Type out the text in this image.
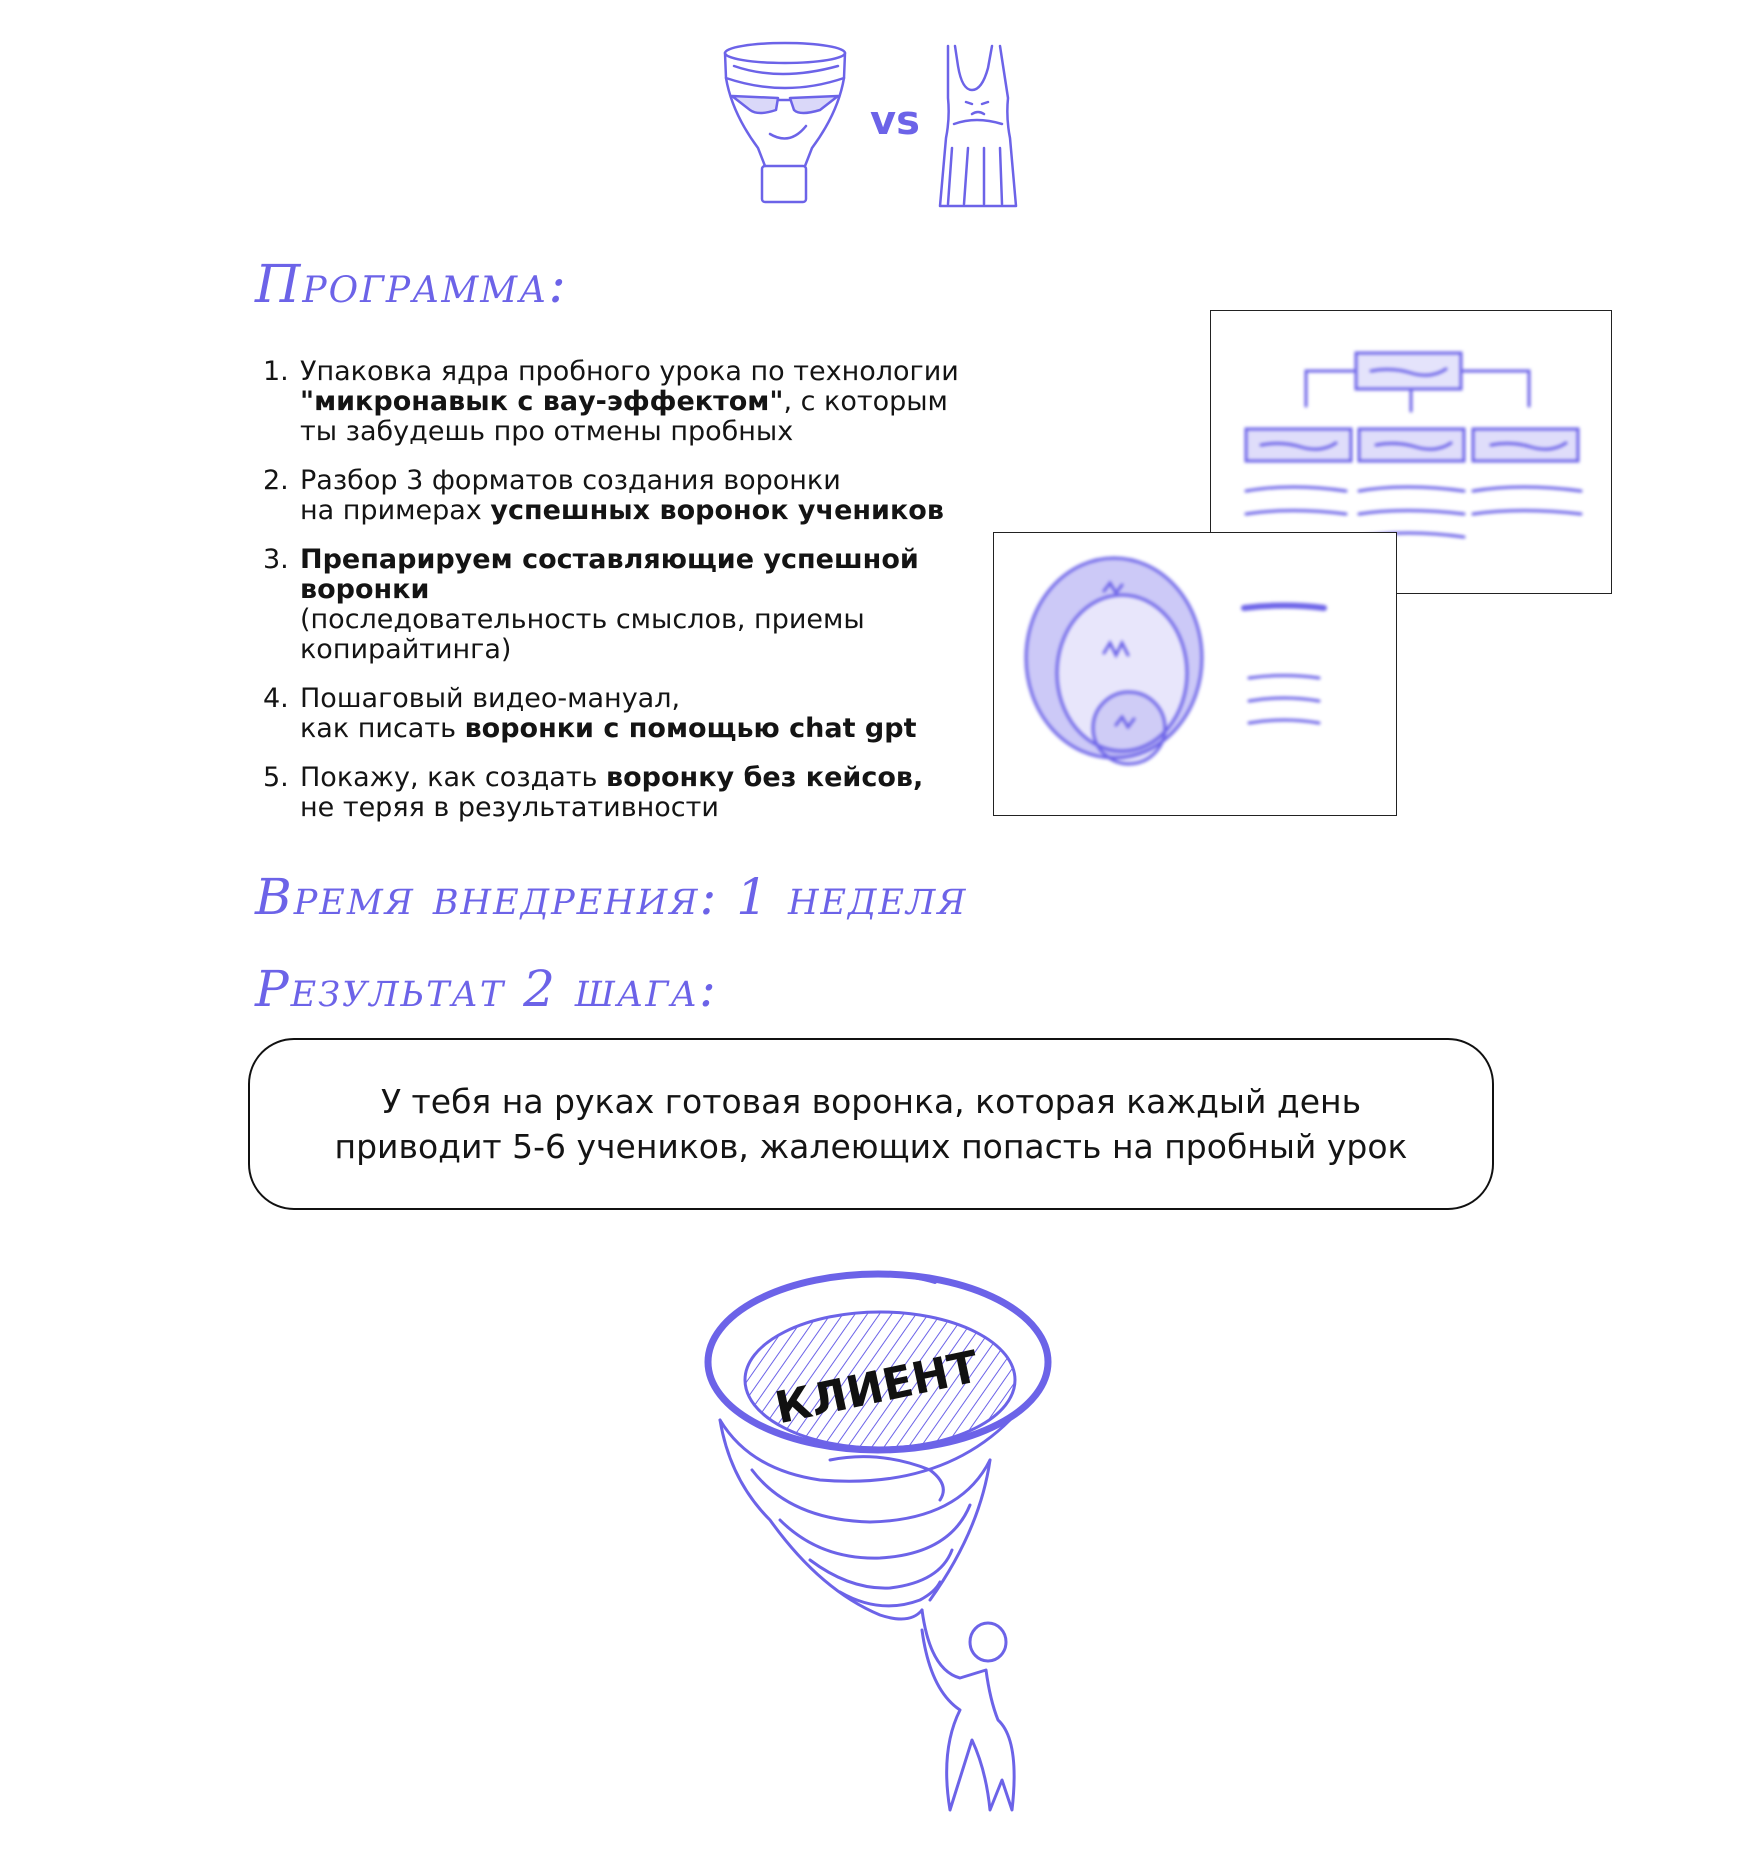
vs
Программа:
1. Упаковка ядра пробного урока по технологии
"микронавык с вау-эффектом", с которым
ты забудешь про отмены пробных
2. Разбор 3 форматов создания воронки
на примерах успешных воронок учеников
3. Препарируем составляющие успешной воронки
(последовательность смыслов, приемы
копирайтинга)
4. Пошаговый видео-мануал,
как писать воронки с помощью chat gpt
5. Покажу, как создать воронку без кейсов,
не теряя в результативности
Время внедрения: 1 неделя
Результат 2 шага:
У тебя на руках готовая воронка, которая каждый день
приводит 5-6 учеников, жалеющих попасть на пробный урок
КЛИЕНТ
